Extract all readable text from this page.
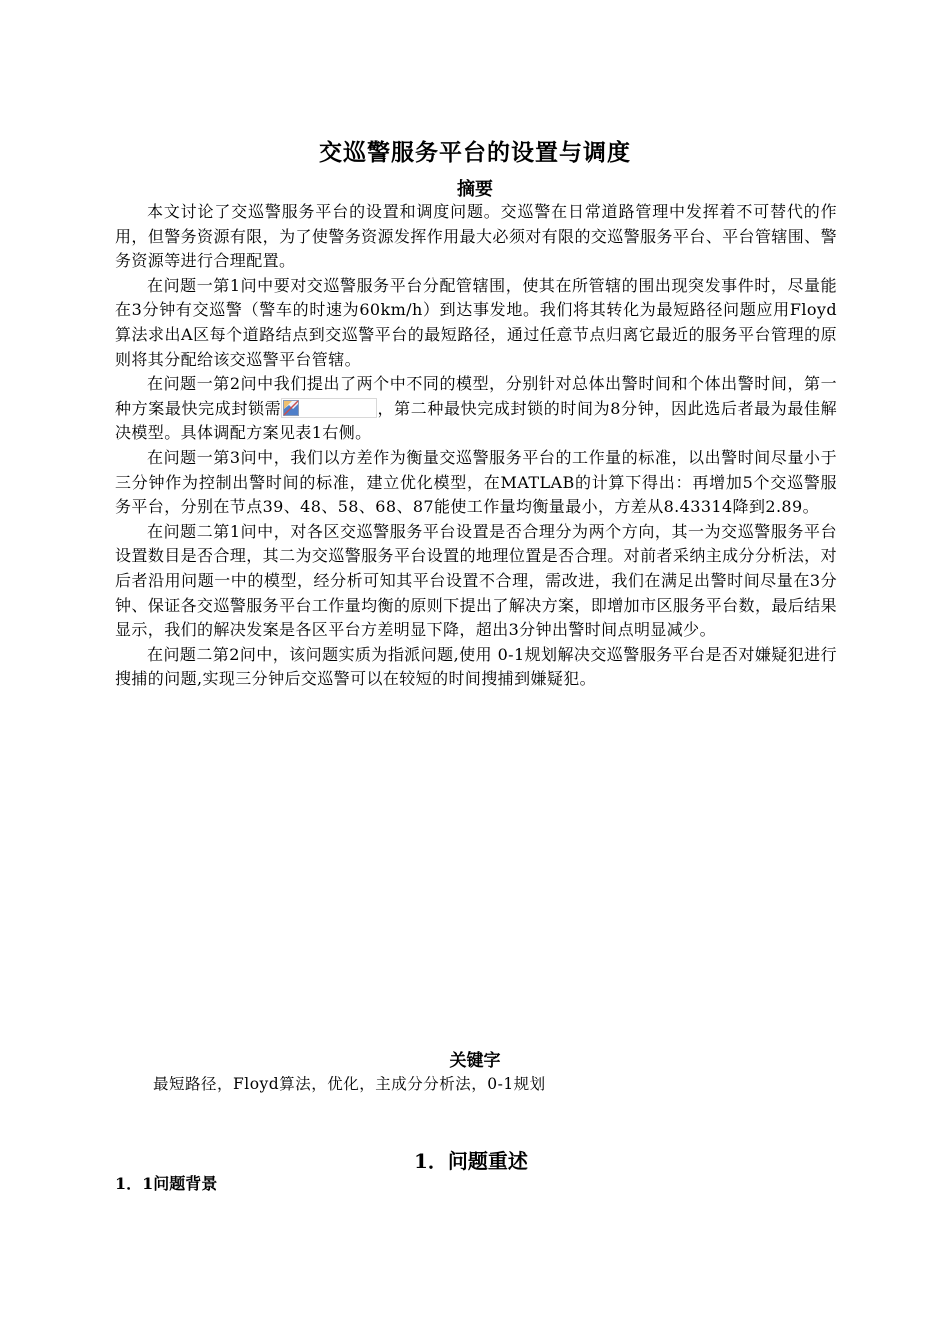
交巡警服务平台的设置与调度
摘要

本文讨论了交巡警服务平台的设置和调度问题。交巡警在日常道路管理中发挥着不可替代的作用，但警务资源有限，为了使警务资源发挥作用最大必须对有限的交巡警服务平台、平台管辖围、警务资源等进行合理配置。

在问题一第1问中要对交巡警服务平台分配管辖围，使其在所管辖的围出现突发事件时，尽量能在3分钟有交巡警（警车的时速为60km/h）到达事发地。我们将其转化为最短路径问题应用Floyd算法求出A区每个道路结点到交巡警平台的最短路径，通过任意节点归离它最近的服务平台管理的原则将其分配给该交巡警平台管辖。

在问题一第2问中我们提出了两个中不同的模型，分别针对总体出警时间和个体出警时间，第一种方案最快完成封锁需	，第二种最快完成封锁的时间为8分钟，因此选后者最为最佳解决模型。具体调配方案见表1右侧。

在问题一第3问中，我们以方差作为衡量交巡警服务平台的工作量的标准，以出警时间尽量小于三分钟作为控制出警时间的标准，建立优化模型，在MATLAB的计算下得出：再增加5个交巡警服务平台，分别在节点39、48、58、68、87能使工作量均衡量最小，方差从8.43314降到2.89。

在问题二第1问中，对各区交巡警服务平台设置是否合理分为两个方向，其一为交巡警服务平台设置数目是否合理，其二为交巡警服务平台设置的地理位置是否合理。对前者采纳主成分分析法，对后者沿用问题一中的模型，经分析可知其平台设置不合理，需改进，我们在满足出警时间尽量在3分钟、保证各交巡警服务平台工作量均衡的原则下提出了解决方案，即增加市区服务平台数，最后结果显示，我们的解决发案是各区平台方差明显下降，超出3分钟出警时间点明显减少。

在问题二第2问中，该问题实质为指派问题,使用 0-1规划解决交巡警服务平台是否对嫌疑犯进行搜捕的问题,实现三分钟后交巡警可以在较短的时间搜捕到嫌疑犯。

关键字
最短路径，Floyd算法，优化，主成分分析法，0-1规划
1．问题重述
1．1问题背景
